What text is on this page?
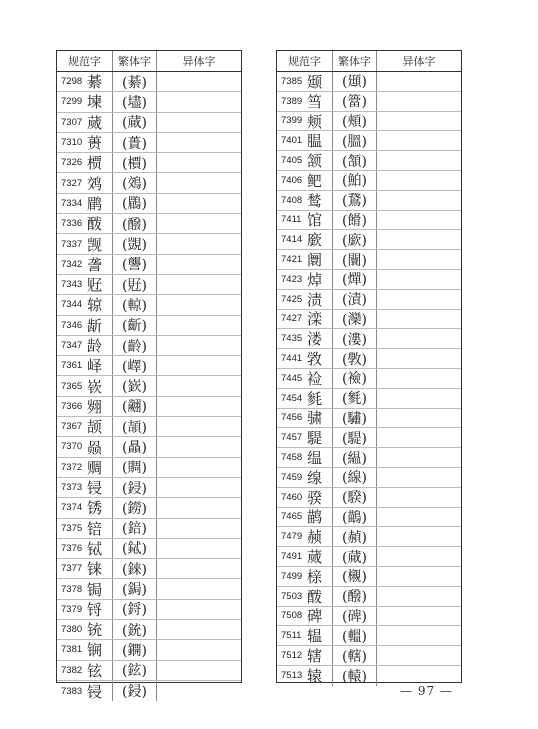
规范字	繁体字	异体字
7298 綦	(綦)
7299 堜	(壗)
7307 蒇	(蕆)
7310 蒉	(蕢)
7326 槚	(檟)
7327 䴔	(鵁)
7334 鹛	(鶥)
7336 酦	(醱)
7337 觊	(覬)
7342 詟	(讋)
7343 觃	(覎)
7344 辌	(輬)
7346 龂	(齗)
7347 龄	(齡)
7361 峄	(嶧)
7365 嵚	(嶔)
7366 翙	(翽)
7367 颉	(頡)
7370 赑	(贔)
7372 赒	(賙)
7373 锓	(鋟)
7374 锈	(鐒)
7375 锫	(錇)
7376 铽	(鋱)
7377 铼	(錸)
7378 锔	(鋦)
7379 锊	(鋝)
7380 铳	(銃)
7381 锎	(鐦)
7382 铉	(鉉)
7383 锓	(鋟)
规范字	繁体字	异体字
7385 颋	(頲)
7389 筜	(簹)
7399 颊	(頰)
7401 腽	(膃)
7405 颔	(頷)
7406 鲃	(鮊)
7408 鹙	(鵞)
7411 馆	(餶)
7414 廞	(廞)
7421 阛	(闤)
7423 焯	(燀)
7425 渍	(漬)
7427 滦	(灤)
7435 溇	(漊)
7441 敩	(斆)
7445 裣	(襝)
7454 毵	(毿)
7456 骕	(驌)
7457 騠	(騠)
7458 缊	(緼)
7459 缐	(線)
7460 骙	(騤)
7465 鹋	(鶓)
7479 赪	(赬)
7491 蒇	(蕆)
7499 榇	(櫬)
7503 酦	(醱)
7508 碑	(碑)
7511 辒	(轀)
7512 辖	(轄)
7513 辕	(轅)
— 97 —
